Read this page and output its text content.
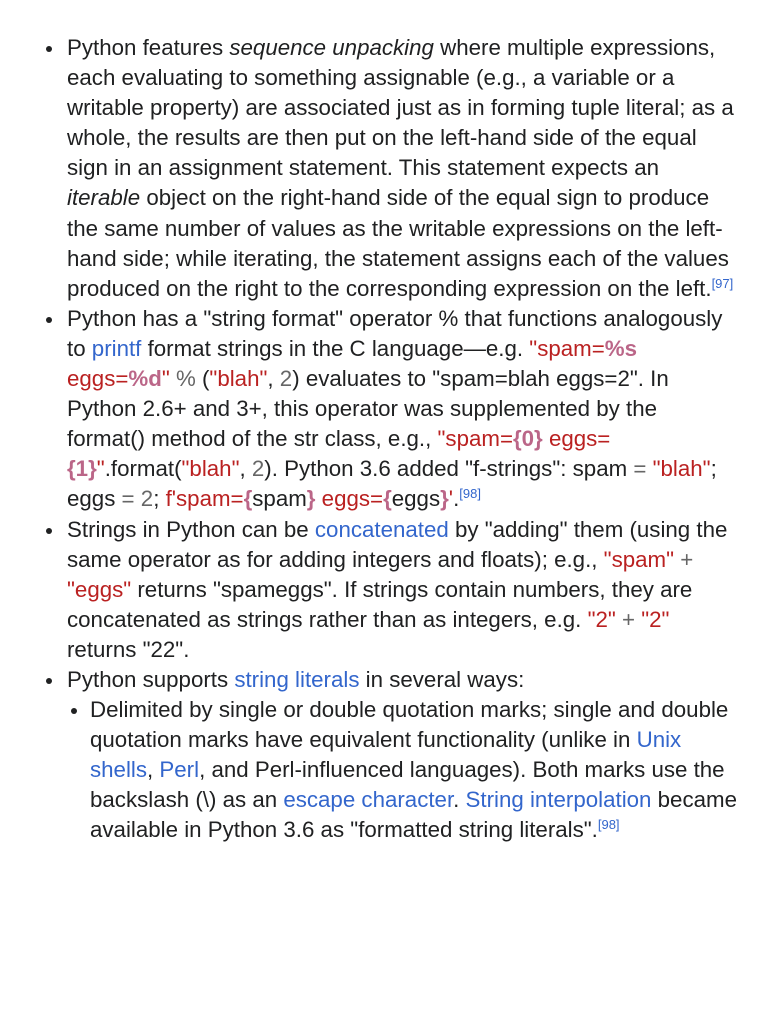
Python features sequence unpacking where multiple expressions, each evaluating to something assignable (e.g., a variable or a writable property) are associated just as in forming tuple literal; as a whole, the results are then put on the left-hand side of the equal sign in an assignment statement. This statement expects an iterable object on the right-hand side of the equal sign to produce the same number of values as the writable expressions on the left-hand side; while iterating, the statement assigns each of the values produced on the right to the corresponding expression on the left.[97]
Python has a "string format" operator % that functions analogously to printf format strings in the C language—e.g. "spam=%s eggs=%d" % ("blah", 2) evaluates to "spam=blah eggs=2". In Python 2.6+ and 3+, this operator was supplemented by the format() method of the str class, e.g., "spam={0} eggs={1}".format("blah", 2). Python 3.6 added "f-strings": spam = "blah"; eggs = 2; f'spam={spam} eggs={eggs}'.[98]
Strings in Python can be concatenated by "adding" them (using the same operator as for adding integers and floats); e.g., "spam" + "eggs" returns "spameggs". If strings contain numbers, they are concatenated as strings rather than as integers, e.g. "2" + "2" returns "22".
Python supports string literals in several ways:
Delimited by single or double quotation marks; single and double quotation marks have equivalent functionality (unlike in Unix shells, Perl, and Perl-influenced languages). Both marks use the backslash (\) as an escape character. String interpolation became available in Python 3.6 as "formatted string literals".[98]
